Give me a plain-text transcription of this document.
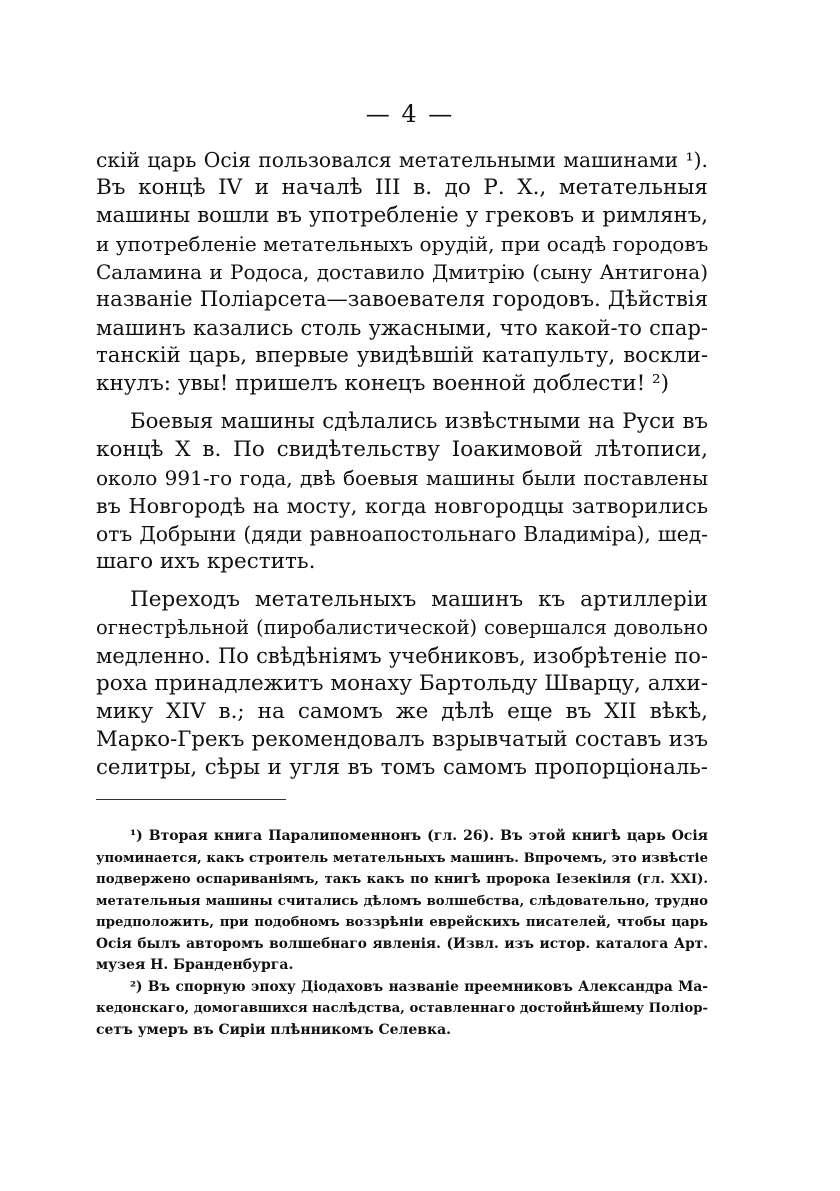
— 4 —

скій царь Осія пользовался метательными машинами ¹).
Въ концѣ IV и началѣ III в. до Р. Х., метательныя
машины вошли въ употребленіе у грековъ и римлянъ,
и употребленіе метательныхъ орудій, при осадѣ городовъ
Саламина и Родоса, доставило Дмитрію (сыну Антигона)
названіе Поліарсета—завоевателя городовъ. Дѣйствія
машинъ казались столь ужасными, что какой-то спар-
танскій царь, впервые увидѣвшій катапульту, воскли-
кнулъ: увы! пришелъ конецъ военной доблести! ²)

Боевыя машины сдѣлались извѣстными на Руси въ
концѣ X в. По свидѣтельству Іоакимовой лѣтописи,
около 991-го года, двѣ боевыя машины были поставлены
въ Новгородѣ на мосту, когда новгородцы затворились
отъ Добрыни (дяди равноапостольнаго Владиміра), шед-
шаго ихъ крестить.

Переходъ метательныхъ машинъ къ артиллеріи
огнестрѣльной (пиробалистической) совершался довольно
медленно. По свѣдѣніямъ учебниковъ, изобрѣтеніе по-
роха принадлежитъ монаху Бартольду Шварцу, алхи-
мику XIV в.; на самомъ же дѣлѣ еще въ XII вѣкѣ,
Марко-Грекъ рекомендовалъ взрывчатый составъ изъ
селитры, сѣры и угля въ томъ самомъ пропорціональ-

¹) Вторая книга Паралипоменнонъ (гл. 26). Въ этой книгѣ царь Осія
упоминается, какъ строитель метательныхъ машинъ. Впрочемъ, это извѣстіе
подвержено оспариваніямъ, такъ какъ по книгѣ пророка Іезекіиля (гл. XXI).
метательныя машины считались дѣломъ волшебства, слѣдовательно, трудно
предположить, при подобномъ воззрѣніи еврейскихъ писателей, чтобы царь
Осія былъ авторомъ волшебнаго явленія. (Извл. изъ истор. каталога Арт.
музея Н. Бранденбурга.
²) Въ спорную эпоху Діодаховъ названіе преемниковъ Александра Ма-
кедонскаго, домогавшихся наслѣдства, оставленнаго достойнѣйшему Поліор-
сетъ умеръ въ Сиріи плѣнникомъ Селевка.
